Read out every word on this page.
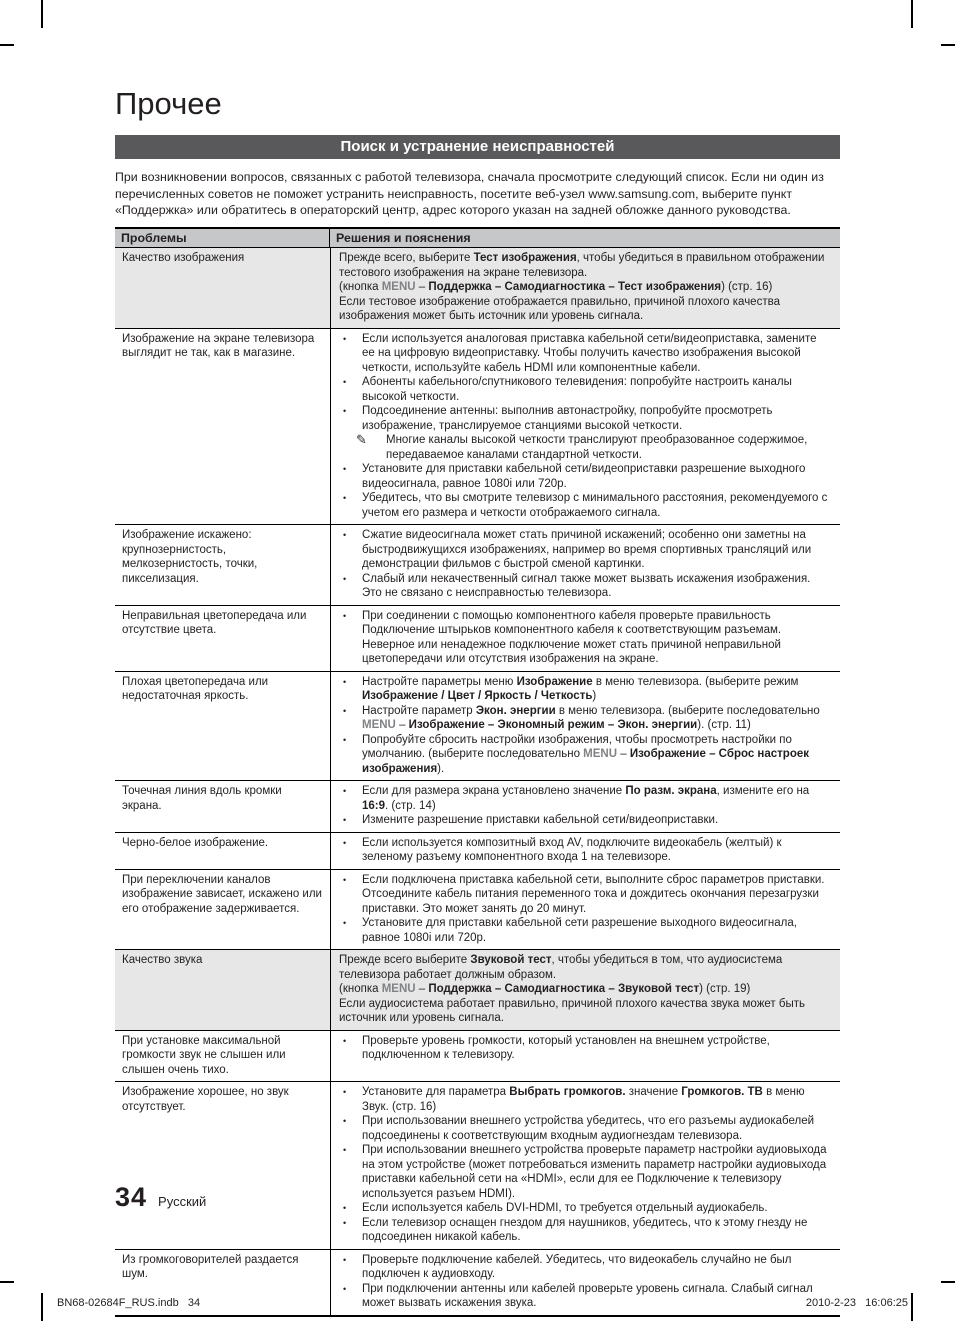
Прочее
Поиск и устранение неисправностей

При возникновении вопросов, связанных с работой телевизора, сначала просмотрите следующий список. Если ни один из перечисленных советов не поможет устранить неисправность, посетите веб-узел www.samsung.com, выберите пункт «Поддержка» или обратитесь в операторский центр, адрес которого указан на задней обложке данного руководства.

Проблемы	Решения и пояснения
Качество изображения	Прежде всего, выберите Тест изображения, чтобы убедиться в правильном отображении тестового изображения на экране телевизора.
(кнопка MENU – Поддержка – Самодиагностика – Тест изображения) (стр. 16)
Если тестовое изображение отображается правильно, причиной плохого качества изображения может быть источник или уровень сигнала.
Изображение на экране телевизора выглядит не так, как в магазине.
•	Если используется аналоговая приставка кабельной сети/видеоприставка, замените ее на цифровую видеоприставку. Чтобы получить качество изображения высокой четкости, используйте кабель HDMI или компонентные кабели.
•	Абоненты кабельного/спутникового телевидения: попробуйте настроить каналы высокой четкости.
•	Подсоединение антенны: выполнив автонастройку, попробуйте просмотреть изображение, транслируемое станциями высокой четкости.
✎	Многие каналы высокой четкости транслируют преобразованное содержимое, передаваемое каналами стандартной четкости.
•	Установите для приставки кабельной сети/видеоприставки разрешение выходного видеосигнала, равное 1080i или 720p.
•	Убедитесь, что вы смотрите телевизор с минимального расстояния, рекомендуемого с учетом его размера и четкости отображаемого сигнала.
Изображение искажено: крупнозернистость, мелкозернистость, точки, пикселизация.
•	Сжатие видеосигнала может стать причиной искажений; особенно они заметны на быстродвижущихся изображениях, например во время спортивных трансляций или демонстрации фильмов с быстрой сменой картинки.
•	Слабый или некачественный сигнал также может вызвать искажения изображения. Это не связано с неисправностью телевизора.
Неправильная цветопередача или отсутствие цвета.
•	При соединении с помощью компонентного кабеля проверьте правильность Подключение штырьков компонентного кабеля к соответствующим разъемам. Неверное или ненадежное подключение может стать причиной неправильной цветопередачи или отсутствия изображения на экране.
Плохая цветопередача или недостаточная яркость.
•	Настройте параметры меню Изображение в меню телевизора. (выберите режим Изображение / Цвет / Яркость / Четкость)
•	Настройте параметр Экон. энергии в меню телевизора. (выберите последовательно MENU – Изображение – Экономный режим – Экон. энергии). (стр. 11)
•	Попробуйте сбросить настройки изображения, чтобы просмотреть настройки по умолчанию. (выберите последовательно MENU – Изображение – Сброс настроек изображения).
Точечная линия вдоль кромки экрана.
•	Если для размера экрана установлено значение По разм. экрана, измените его на 16:9. (стр. 14)
•	Измените разрешение приставки кабельной сети/видеоприставки.
Черно-белое изображение.	•	Если используется композитный вход AV, подключите видеокабель (желтый) к зеленому разъему компонентного входа 1 на телевизоре.
При переключении каналов изображение зависает, искажено или его отображение задерживается.
•	Если подключена приставка кабельной сети, выполните сброс параметров приставки. Отсоедините кабель питания переменного тока и дождитесь окончания перезагрузки приставки. Это может занять до 20 минут.
•	Установите для приставки кабельной сети разрешение выходного видеосигнала, равное 1080i или 720p.
Качество звука	Прежде всего выберите Звуковой тест, чтобы убедиться в том, что аудиосистема телевизора работает должным образом.
(кнопка MENU – Поддержка – Самодиагностика – Звуковой тест) (стр. 19)
Если аудиосистема работает правильно, причиной плохого качества звука может быть источник или уровень сигнала.
При установке максимальной громкости звук не слышен или слышен очень тихо.
•	Проверьте уровень громкости, который установлен на внешнем устройстве, подключенном к телевизору.
Изображение хорошее, но звук отсутствует.
•	Установите для параметра Выбрать громкогов. значение Громкогов. ТВ в меню Звук. (стр. 16)
•	При использовании внешнего устройства убедитесь, что его разъемы аудиокабелей подсоединены к соответствующим входным аудиогнездам телевизора.
•	При использовании внешнего устройства проверьте параметр настройки аудиовыхода на этом устройстве (может потребоваться изменить параметр настройки аудиовыхода приставки кабельной сети на «HDMI», если для ее Подключение к телевизору используется разъем HDMI).
•	Если используется кабель DVI-HDMI, то требуется отдельный аудиокабель.
•	Если телевизор оснащен гнездом для наушников, убедитесь, что к этому гнезду не подсоединен никакой кабель.
Из громкоговорителей раздается шум.
•	Проверьте подключение кабелей. Убедитесь, что видеокабель случайно не был подключен к аудиовходу.
•	При подключении антенны или кабелей проверьте уровень сигнала. Слабый сигнал может вызвать искажения звука.
34 Русский
BN68-02684F_RUS.indb   34	2010-2-23   16:06:25
